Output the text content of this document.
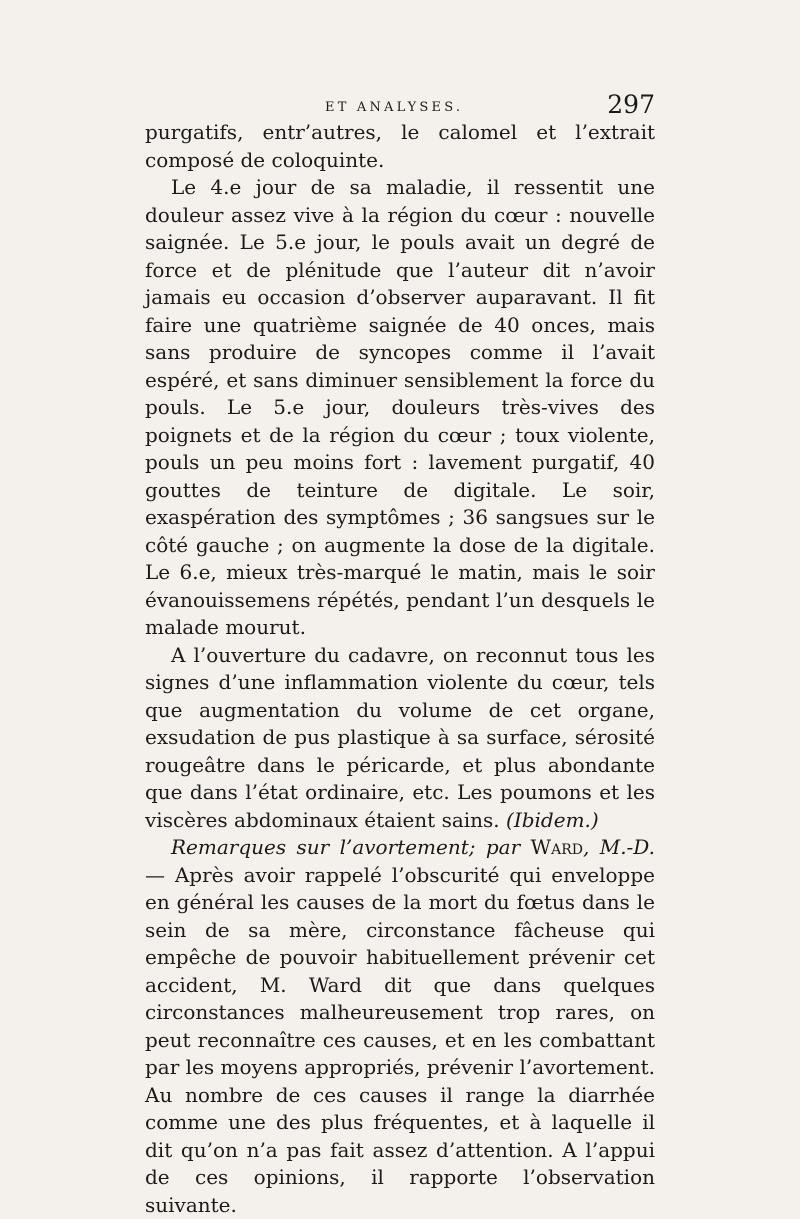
ET ANALYSES.	297

purgatifs, entr’autres, le calomel et l’extrait composé de coloquinte.

Le 4.e jour de sa maladie, il ressentit une douleur assez vive à la région du cœur : nouvelle saignée. Le 5.e jour, le pouls avait un degré de force et de plénitude que l’auteur dit n’avoir jamais eu occasion d’observer auparavant. Il fit faire une quatrième saignée de 40 onces, mais sans produire de syncopes comme il l’avait espéré, et sans diminuer sensiblement la force du pouls. Le 5.e jour, douleurs très-vives des poignets et de la région du cœur ; toux violente, pouls un peu moins fort : lavement purgatif, 40 gouttes de teinture de digitale. Le soir, exaspération des symptômes ; 36 sangsues sur le côté gauche ; on augmente la dose de la digitale. Le 6.e, mieux très-marqué le matin, mais le soir évanouissemens répétés, pendant l’un desquels le malade mourut.

A l’ouverture du cadavre, on reconnut tous les signes d’une inflammation violente du cœur, tels que augmentation du volume de cet organe, exsudation de pus plastique à sa surface, sérosité rougeâtre dans le péricarde, et plus abondante que dans l’état ordinaire, etc. Les poumons et les viscères abdominaux étaient sains. (Ibidem.)

Remarques sur l’avortement; par Ward, M.-D. — Après avoir rappelé l’obscurité qui enveloppe en général les causes de la mort du fœtus dans le sein de sa mère, circonstance fâcheuse qui empêche de pouvoir habituellement prévenir cet accident, M. Ward dit que dans quelques circonstances malheureusement trop rares, on peut reconnaître ces causes, et en les combattant par les moyens appropriés, prévenir l’avortement. Au nombre de ces causes il range la diarrhée comme une des plus fréquentes, et à laquelle il dit qu’on n’a pas fait assez d’attention. A l’appui de ces opinions, il rapporte l’observation suivante.
